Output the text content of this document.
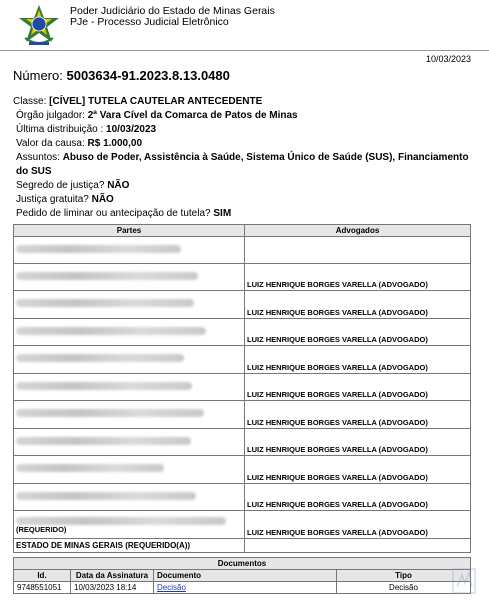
Poder Judiciário do Estado de Minas Gerais
PJe - Processo Judicial Eletrônico
10/03/2023
Número: 5003634-91.2023.8.13.0480
Classe: [CÍVEL] TUTELA CAUTELAR ANTECEDENTE
Órgão julgador: 2ª Vara Cível da Comarca de Patos de Minas
Última distribuição : 10/03/2023
Valor da causa: R$ 1.000,00
Assuntos: Abuso de Poder, Assistência à Saúde, Sistema Único de Saúde (SUS), Financiamento do SUS
Segredo de justiça? NÃO
Justiça gratuita? NÃO
Pedido de liminar ou antecipação de tutela? SIM
Partes	Advogados

	LUIZ HENRIQUE BORGES VARELLA (ADVOGADO)
	LUIZ HENRIQUE BORGES VARELLA (ADVOGADO)
	LUIZ HENRIQUE BORGES VARELLA (ADVOGADO)
	LUIZ HENRIQUE BORGES VARELLA (ADVOGADO)
	LUIZ HENRIQUE BORGES VARELLA (ADVOGADO)
	LUIZ HENRIQUE BORGES VARELLA (ADVOGADO)
	LUIZ HENRIQUE BORGES VARELLA (ADVOGADO)
	LUIZ HENRIQUE BORGES VARELLA (ADVOGADO)
	LUIZ HENRIQUE BORGES VARELLA (ADVOGADO)

(REQUERIDO)	LUIZ HENRIQUE BORGES VARELLA (ADVOGADO)
ESTADO DE MINAS GERAIS (REQUERIDO(A))	
Documentos			
Id.	Data da Assinatura	Documento	Tipo
9748551051	10/03/2023 18:14	Decisão	Decisão
